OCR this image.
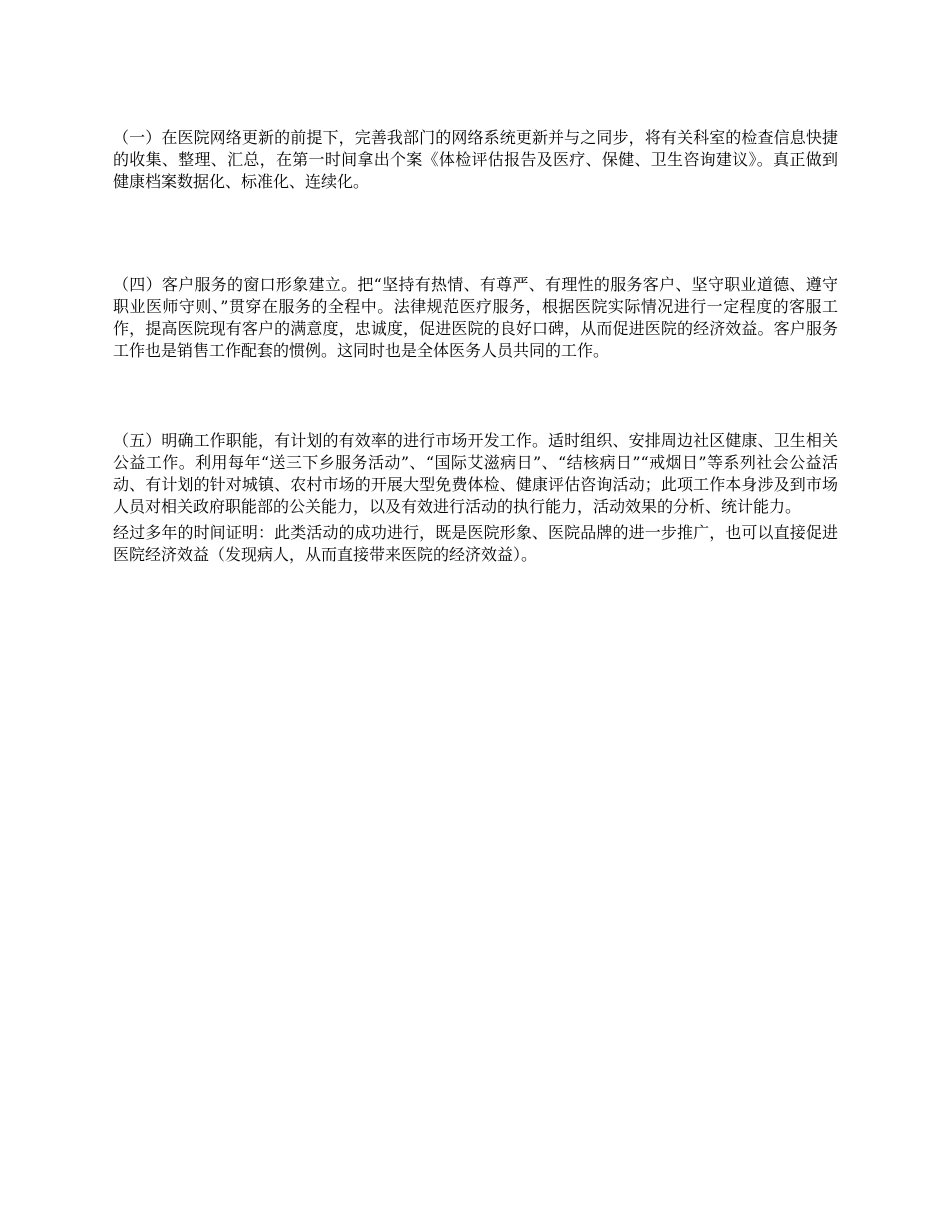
（一）在医院网络更新的前提下，完善我部门的网络系统更新并与之同步，将有关科室的检查信息快捷的收集、整理、汇总，在第一时间拿出个案《体检评估报告及医疗、保健、卫生咨询建议》。真正做到健康档案数据化、标准化、连续化。

（四）客户服务的窗口形象建立。把“坚持有热情、有尊严、有理性的服务客户、坚守职业道德、遵守职业医师守则、”贯穿在服务的全程中。法律规范医疗服务，根据医院实际情况进行一定程度的客服工作，提高医院现有客户的满意度，忠诚度，促进医院的良好口碑，从而促进医院的经济效益。客户服务工作也是销售工作配套的惯例。这同时也是全体医务人员共同的工作。

（五）明确工作职能，有计划的有效率的进行市场开发工作。适时组织、安排周边社区健康、卫生相关公益工作。利用每年“送三下乡服务活动”、“国际艾滋病日”、“结核病日”“戒烟日”等系列社会公益活动、有计划的针对城镇、农村市场的开展大型免费体检、健康评估咨询活动；此项工作本身涉及到市场人员对相关政府职能部的公关能力，以及有效进行活动的执行能力，活动效果的分析、统计能力。

经过多年的时间证明：此类活动的成功进行，既是医院形象、医院品牌的进一步推广，也可以直接促进医院经济效益（发现病人，从而直接带来医院的经济效益）。
